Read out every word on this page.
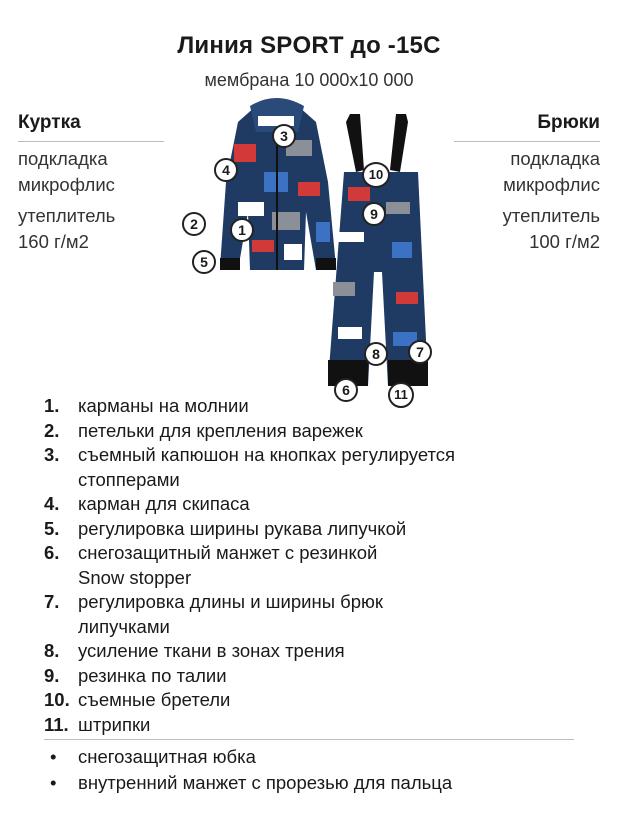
Линия SPORT до -15С
мембрана 10 000х10 000
Куртка
подкладка
микрофлис
утеплитель
160 г/м2
Брюки
подкладка
микрофлис
утеплитель
100 г/м2
1
2
3
4
5
6
7
8
9
10
11
1. карманы на молнии
2. петельки для крепления варежек
3. съемный капюшон на кнопках регулируется
стопперами
4. карман для скипаса
5. регулировка ширины рукава липучкой
6. снегозащитный манжет с резинкой
Snow stopper
7. регулировка длины и ширины брюк
липучками
8. усиление ткани в зонах трения
9. резинка по талии
10. съемные бретели
11. штрипки
• снегозащитная юбка
• внутренний манжет с прорезью для пальца
